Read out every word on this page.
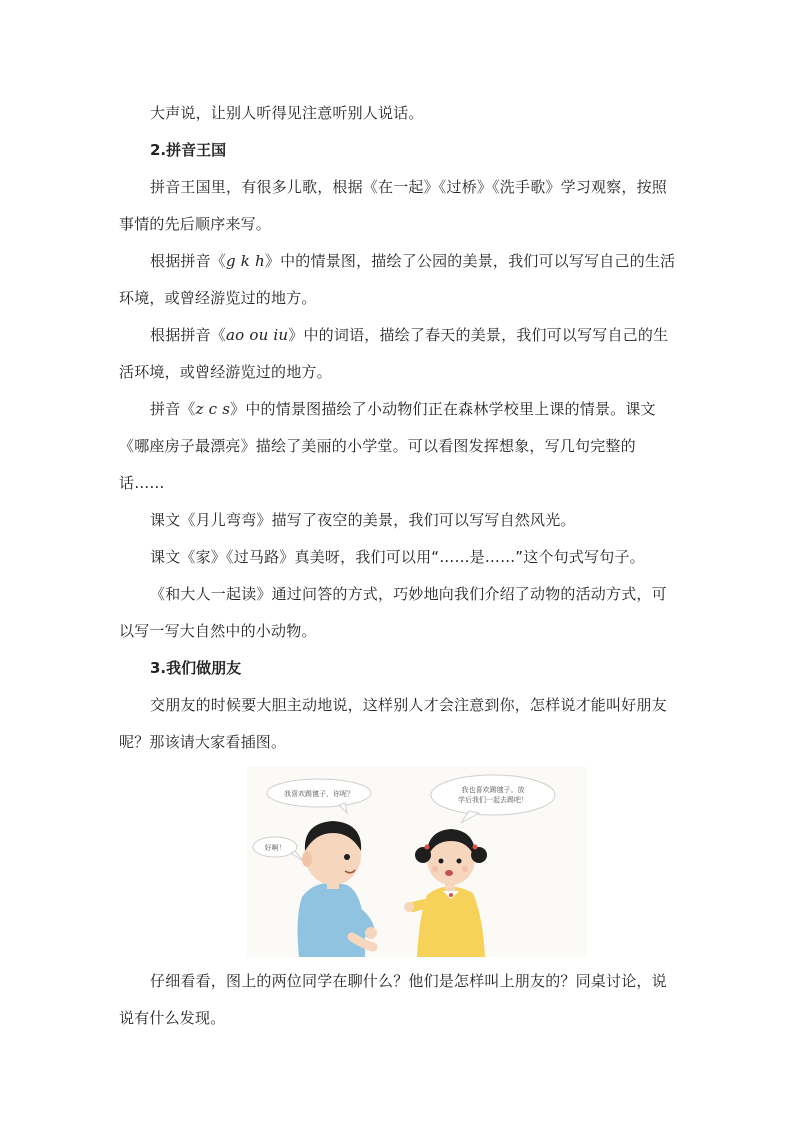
大声说，让别人听得见注意听别人说话。

2.拼音王国

拼音王国里，有很多儿歌，根据《在一起》《过桥》《洗手歌》学习观察，按照事情的先后顺序来写。

根据拼音《g k h》中的情景图，描绘了公园的美景，我们可以写写自己的生活环境，或曾经游览过的地方。

根据拼音《ao ou iu》中的词语，描绘了春天的美景，我们可以写写自己的生活环境，或曾经游览过的地方。

拼音《z c s》中的情景图描绘了小动物们正在森林学校里上课的情景。课文《哪座房子最漂亮》描绘了美丽的小学堂。可以看图发挥想象，写几句完整的话……

课文《月儿弯弯》描写了夜空的美景，我们可以写写自然风光。

课文《家》《过马路》真美呀，我们可以用“……是……”这个句式写句子。

《和大人一起读》通过问答的方式，巧妙地向我们介绍了动物的活动方式，可以写一写大自然中的小动物。

3.我们做朋友

交朋友的时候要大胆主动地说，这样别人才会注意到你，怎样说才能叫好朋友呢？那该请大家看插图。

我喜欢踢毽子，你呢？	我也喜欢踢毽子。放
学后我们一起去踢吧！
好啊！

仔细看看，图上的两位同学在聊什么？他们是怎样叫上朋友的？同桌讨论，说说有什么发现。
